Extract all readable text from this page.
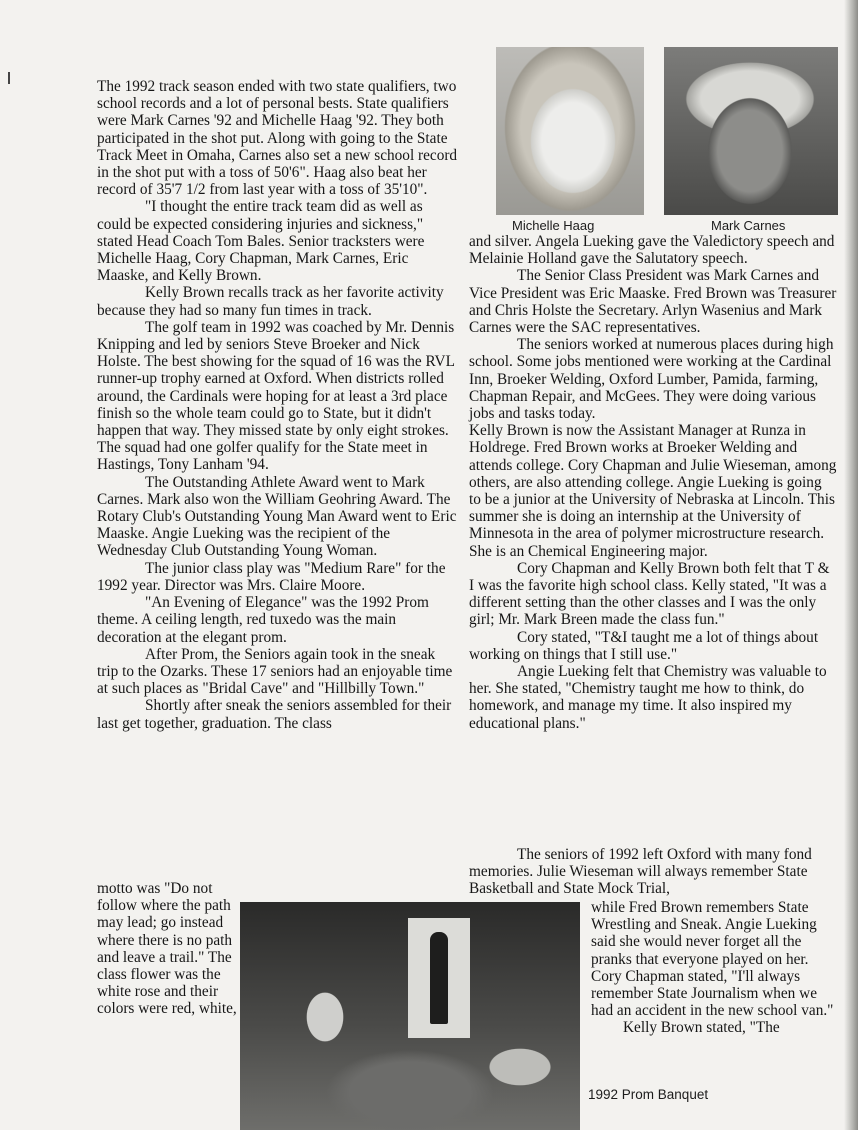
The 1992 track season ended with two state qualifiers, two school records and a lot of personal bests. State qualifiers were Mark Carnes '92 and Michelle Haag '92. They both participated in the shot put. Along with going to the State Track Meet in Omaha, Carnes also set a new school record in the shot put with a toss of 50'6". Haag also beat her record of 35'7 1/2 from last year with a toss of 35'10".

"I thought the entire track team did as well as could be expected considering injuries and sickness," stated Head Coach Tom Bales. Senior tracksters were Michelle Haag, Cory Chapman, Mark Carnes, Eric Maaske, and Kelly Brown.

Kelly Brown recalls track as her favorite activity because they had so many fun times in track.

The golf team in 1992 was coached by Mr. Dennis Knipping and led by seniors Steve Broeker and Nick Holste. The best showing for the squad of 16 was the RVL runner-up trophy earned at Oxford. When districts rolled around, the Cardinals were hoping for at least a 3rd place finish so the whole team could go to State, but it didn't happen that way. They missed state by only eight strokes. The squad had one golfer qualify for the State meet in Hastings, Tony Lanham '94.

The Outstanding Athlete Award went to Mark Carnes. Mark also won the William Geohring Award. The Rotary Club's Outstanding Young Man Award went to Eric Maaske. Angie Lueking was the recipient of the Wednesday Club Outstanding Young Woman.

The junior class play was "Medium Rare" for the 1992 year. Director was Mrs. Claire Moore.

"An Evening of Elegance" was the 1992 Prom theme. A ceiling length, red tuxedo was the main decoration at the elegant prom.

After Prom, the Seniors again took in the sneak trip to the Ozarks. These 17 seniors had an enjoyable time at such places as "Bridal Cave" and "Hillbilly Town."

Shortly after sneak the seniors assembled for their last get together, graduation. The class

motto was "Do not follow where the path may lead; go instead where there is no path and leave a trail." The class flower was the white rose and their colors were red, white,

Michelle Haag	Mark Carnes

and silver. Angela Lueking gave the Valedictory speech and Melainie Holland gave the Salutatory speech.

The Senior Class President was Mark Carnes and Vice President was Eric Maaske. Fred Brown was Treasurer and Chris Holste the Secretary. Arlyn Wasenius and Mark Carnes were the SAC representatives.

The seniors worked at numerous places during high school. Some jobs mentioned were working at the Cardinal Inn, Broeker Welding, Oxford Lumber, Pamida, farming, Chapman Repair, and McGees. They were doing various jobs and tasks today.

Kelly Brown is now the Assistant Manager at Runza in Holdrege. Fred Brown works at Broeker Welding and attends college. Cory Chapman and Julie Wieseman, among others, are also attending college. Angie Lueking is going to be a junior at the University of Nebraska at Lincoln. This summer she is doing an internship at the University of Minnesota in the area of polymer microstructure research. She is an Chemical Engineering major.

Cory Chapman and Kelly Brown both felt that T & I was the favorite high school class. Kelly stated, "It was a different setting than the other classes and I was the only girl; Mr. Mark Breen made the class fun."

Cory stated, "T&I taught me a lot of things about working on things that I still use."

Angie Lueking felt that Chemistry was valuable to her. She stated, "Chemistry taught me how to think, do homework, and manage my time. It also inspired my educational plans."

The seniors of 1992 left Oxford with many fond memories. Julie Wieseman will always remember State Basketball and State Mock Trial,

while Fred Brown remembers State Wrestling and Sneak. Angie Lueking said she would never forget all the pranks that everyone played on her. Cory Chapman stated, "I'll always remember State Journalism when we had an accident in the new school van."

Kelly Brown stated, "The

1992 Prom Banquet
